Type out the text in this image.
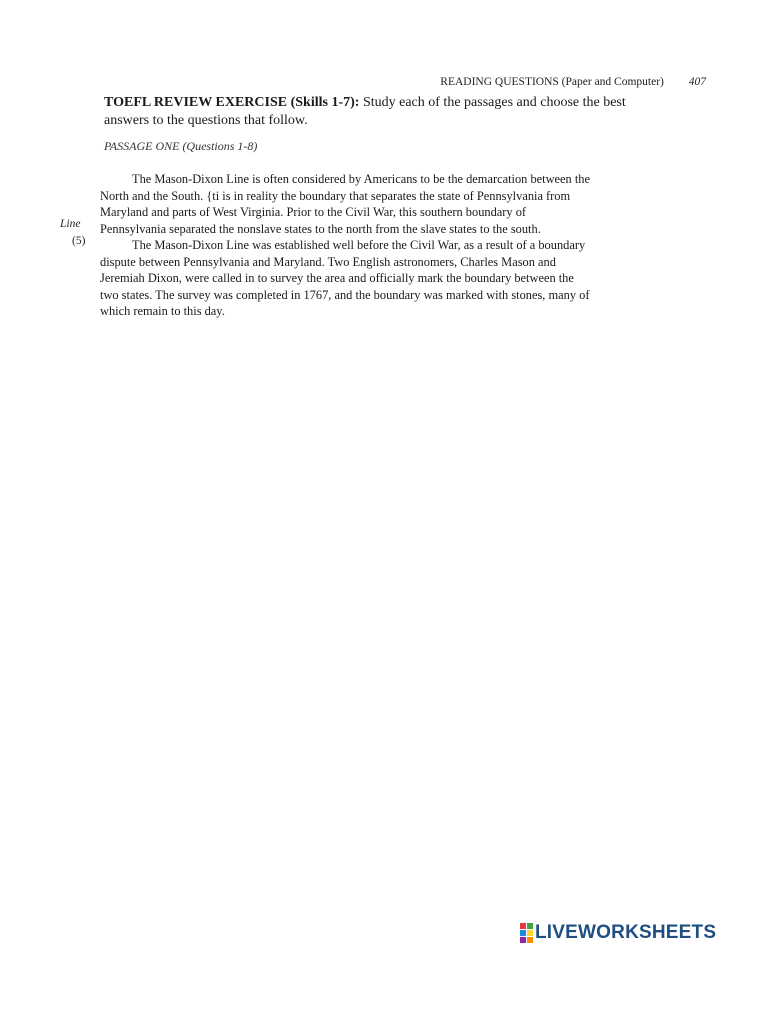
READING QUESTIONS (Paper and Computer) 407
TOEFL REVIEW EXERCISE (Skills 1-7): Study each of the passages and choose the best
answers to the questions that follow.
PASSAGE ONE (Questions 1-8)
The Mason-Dixon Line is often considered by Americans to be the demarcation between the
North and the South. {ti is in reality the boundary that separates the state of Pennsylvania from
Maryland and parts of West Virginia. Prior to the Civil War, this southern boundary of
Pennsylvania separated the nonslave states to the north from the slave states to the south.
The Mason-Dixon Line was established well before the Civil War, as a result of a boundary
dispute between Pennsylvania and Maryland. Two English astronomers, Charles Mason and
Jeremiah Dixon, were called in to survey the area and officially mark the boundary between the
two states. The survey was completed in 1767, and the boundary was marked with stones, many of
which remain to this day.
Line
(5)
LIVEWORKSHEETS
